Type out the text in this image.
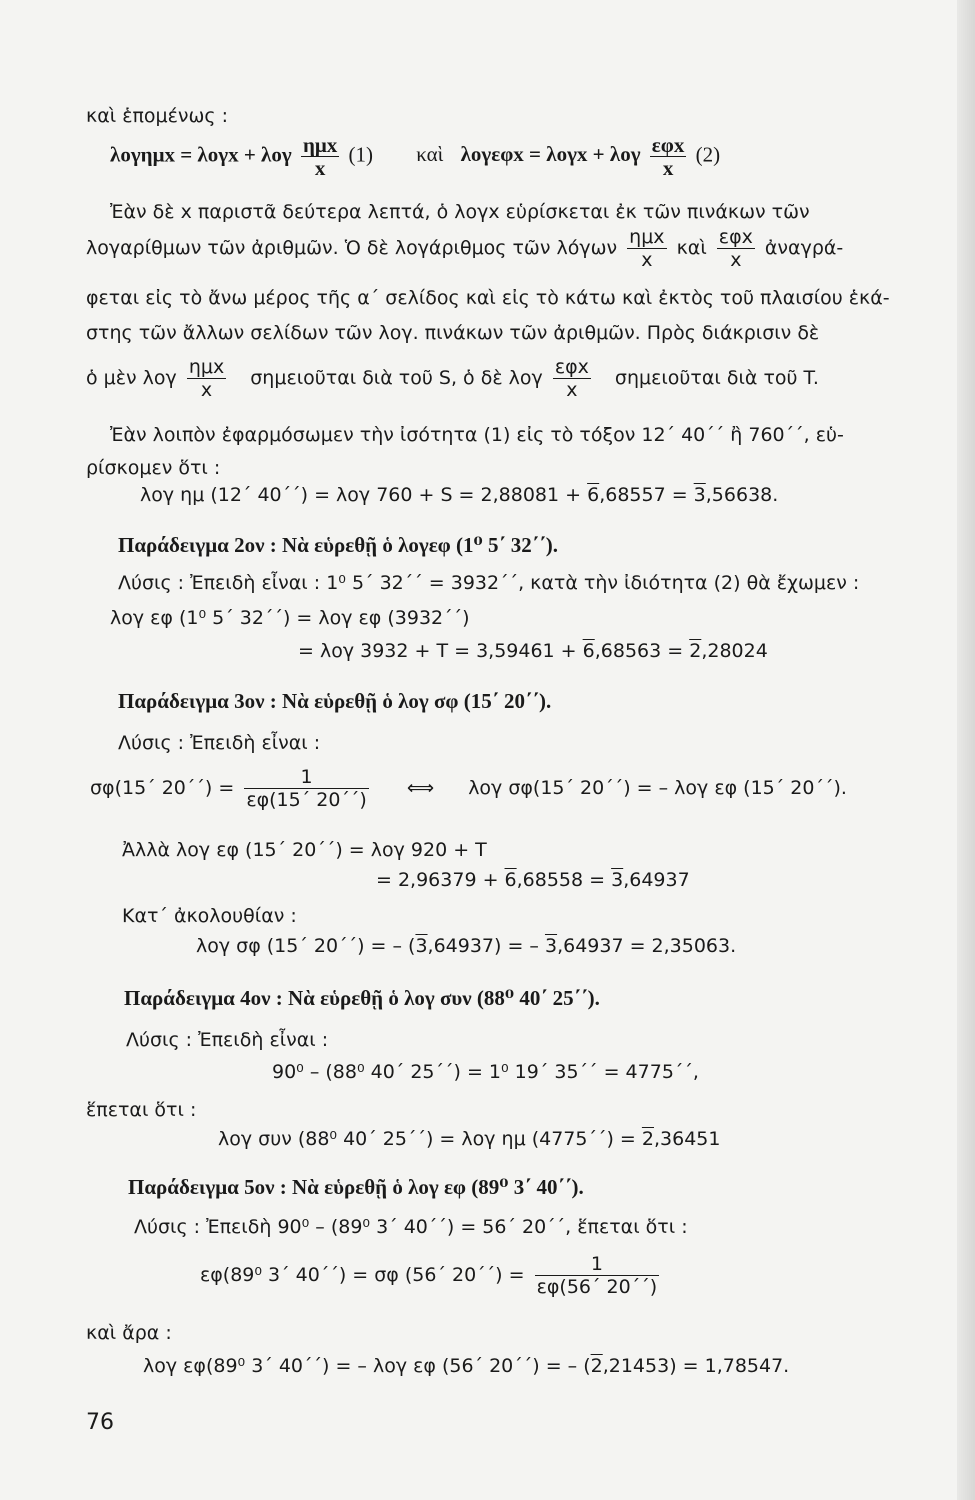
καὶ ἑπομένως :
λογημx = λογx + λογ $\frac{\text{ημx}}{x} (1)$ καὶ λογεφx = λογx + λογ $\frac{\text{εφx}}{x} (2)$
Ἐὰν δὲ x παριστᾶ δεύτερα λεπτά, ὁ λογx εὑρίσκεται ἐκ τῶν πινάκων τῶν
λογαρίθμων τῶν ἀριθμῶν. Ὁ δὲ λογάριθμος τῶν λόγων $\frac{\text{ημx}}{x}$ καὶ $\frac{\text{εφx}}{x}$ ἀναγρά-
φεται εἰς τὸ ἄνω μέρος τῆς α΄ σελίδος καὶ εἰς τὸ κάτω καὶ ἐκτὸς τοῦ πλαισίου ἑκά-
στης τῶν ἄλλων σελίδων τῶν λογ. πινάκων τῶν ἀριθμῶν. Πρὸς διάκρισιν δὲ
ὁ μὲν λογ $\frac{\text{ημx}}{x}$ σημειοῦται διὰ τοῦ S, ὁ δὲ λογ $\frac{\text{εφx}}{x}$ σημειοῦται διὰ τοῦ T.
Ἐὰν λοιπὸν ἐφαρμόσωμεν τὴν ἰσότητα (1) εἰς τὸ τόξον 12΄ 40΄΄ ἢ 760΄΄, εὑ-
ρίσκομεν ὅτι :
λογ ημ (12΄ 40΄΄) = λογ 760 + S = 2,88081 + 6,68557 = 3,56638.
Παράδειγμα 2ον : Νὰ εὑρεθῇ ὁ λογεφ (1⁰ 5΄ 32΄΄).
Λύσις : Ἐπειδὴ εἶναι : 1⁰ 5΄ 32΄΄ = 3932΄΄, κατὰ τὴν ἰδιότητα (2) θὰ ἔχωμεν :
λογ εφ (1⁰ 5΄ 32΄΄) = λογ εφ (3932΄΄)
= λογ 3932 + T = 3,59461 + 6,68563 = 2,28024
Παράδειγμα 3ον : Νὰ εὑρεθῇ ὁ λογ σφ (15΄ 20΄΄).
Λύσις : Ἐπειδὴ εἶναι :
σφ(15΄ $20΄΄) = \frac{1}{\varepsilon\varphi(15΄ 20΄΄)}$ ⟺ λογ σφ(15΄ 20΄΄) = – λογ εφ (15΄ 20΄΄).
Ἀλλὰ λογ εφ (15΄ 20΄΄) = λογ 920 + T
= 2,96379 + 6,68558 = 3,64937
Κατ΄ ἀκολουθίαν :
λογ σφ (15΄ 20΄΄) = – (3,64937) = – 3,64937 = 2,35063.
Παράδειγμα 4ον : Νὰ εὑρεθῇ ὁ λογ συν (88⁰ 40΄ 25΄΄).
Λύσις : Ἐπειδὴ εἶναι :
90⁰ – (88⁰ 40΄ 25΄΄) = 1⁰ 19΄ 35΄΄ = 4775΄΄,
ἕπεται ὅτι :
λογ συν (88⁰ 40΄ 25΄΄) = λογ ημ (4775΄΄) = 2,36451
Παράδειγμα 5ον : Νὰ εὑρεθῇ ὁ λογ εφ (89⁰ 3΄ 40΄΄).
Λύσις : Ἐπειδὴ 90⁰ – (89⁰ 3΄ 40΄΄) = 56΄ 20΄΄, ἕπεται ὅτι :
εφ(89⁰ 3΄ 40΄΄) = σφ (56΄ $20΄΄) = \frac{1}{\varepsilon\varphi(56΄ 20΄΄)}$
καὶ ἄρα :
λογ εφ(89⁰ 3΄ 40΄΄) = – λογ εφ (56΄ 20΄΄) = – (2,21453) = 1,78547.
76
